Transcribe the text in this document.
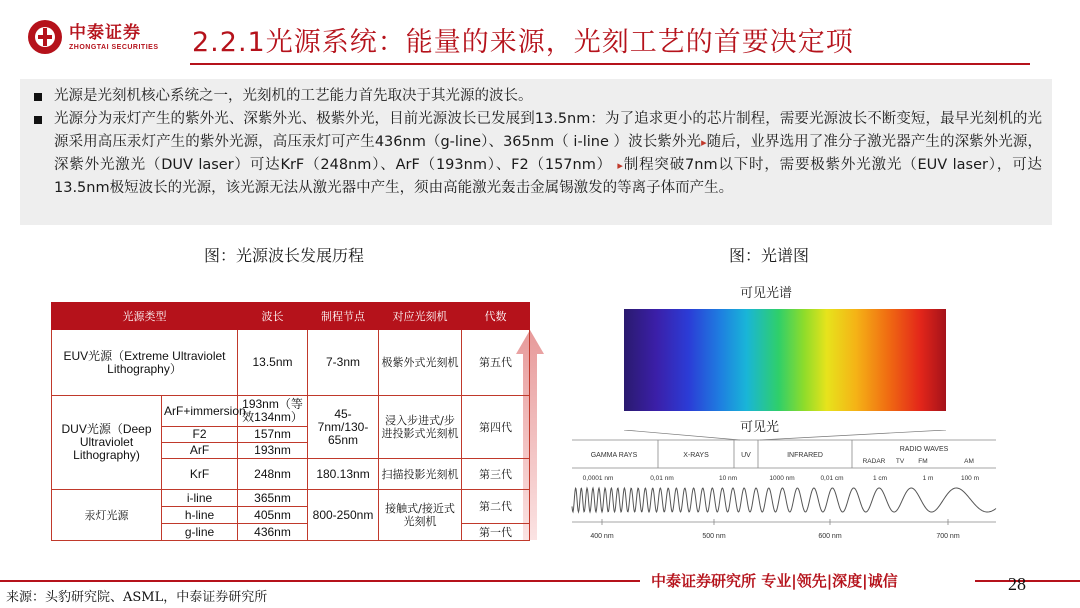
中泰证券
ZHONGTAI SECURITIES 2.2.1光源系统：能量的来源，光刻工艺的首要决定项
光源是光刻机核心系统之一，光刻机的工艺能力首先取决于其光源的波长。
光源分为汞灯产生的紫外光、深紫外光、极紫外光，目前光源波长已发展到13.5nm：为了追求更小的芯片制程，需要光源波长不断变短，最早光刻机的光源采用高压汞灯产生的紫外光源，高压汞灯可产生436nm（g-line）、365nm（ i-line ）波长紫外光▸随后，业界选用了准分子激光器产生的深紫外光源，深紫外光激光（DUV laser）可达KrF（248nm）、ArF（193nm）、F2（157nm） ▸制程突破7nm以下时，需要极紫外光激光（EUV laser），可达13.5nm极短波长的光源，该光源无法从激光器中产生，须由高能激光轰击金属锡激发的等离子体而产生。
图：光源波长发展历程	图：光谱图
光源类型		波长	制程节点	对应光刻机	代数
EUV光源（Extreme Ultraviolet Lithography）		13.5nm	7-3nm	极紫外式光刻机	第五代
DUV光源（Deep Ultraviolet Lithography)	ArF+immersion	193nm（等效134nm）	45-7nm/130-65nm	浸入步进式/步进投影式光刻机	第四代
	F2	157nm			
	ArF	193nm			
	KrF	248nm	180.13nm	扫描投影光刻机	第三代
汞灯光源	i-line	365nm	800-250nm	接触式/接近式光刻机	第二代
	h-line	405nm			
	g-line	436nm			第一代
可见光谱
可见光
GAMMA RAYS	X-RAYS	UV	INFRARED
RADIO WAVES
RADAR TV FM	AM
0,0001 nm	0,01 nm	10 nm	1000 nm	0,01 cm	1 cm	1 m	100 m
400 nm	500 nm	600 nm	700 nm
中泰证券研究所 专业|领先|深度|诚信	28
来源：头豹研究院、ASML，中泰证券研究所
